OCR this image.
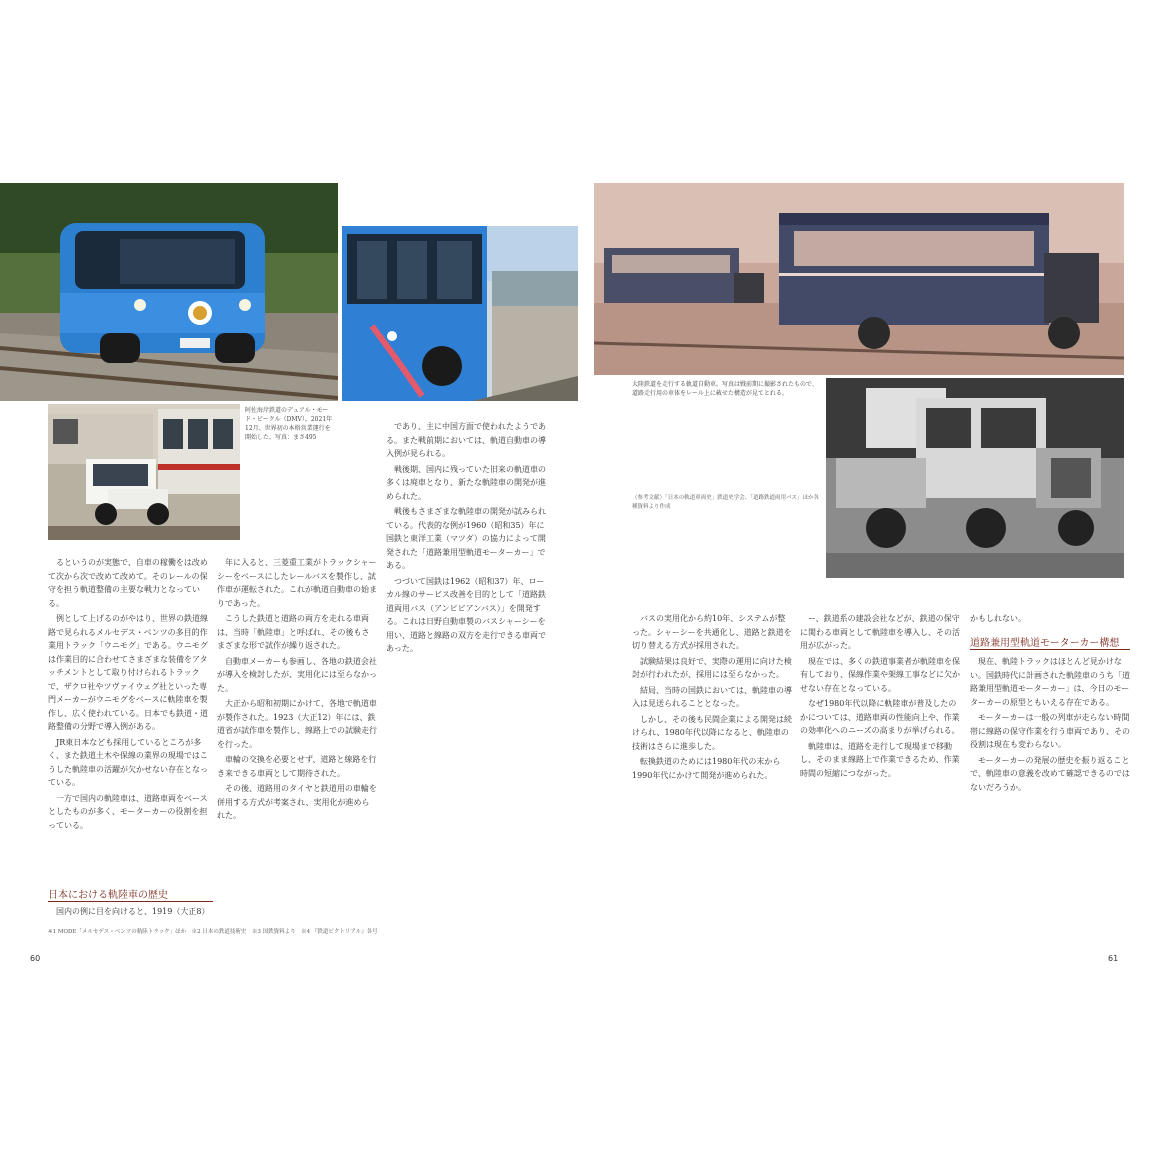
阿佐海岸鉄道のデュアル・モード・ビークル（DMV）。2021年12月、世界初の本格営業運行を開始した。写真：まさ495

るというのが実態で、自車の稼働をは改めて次から次で改めて改めて。そのレールの保守を担う軌道整備の主要な戦力となっている。

例として上げるのがやはり、世界の鉄道線路で見られるメルセデス・ベンツの多目的作業用トラック「ウニモグ」である。ウニモグは作業目的に合わせてさまざまな装備をアタッチメントとして取り付けられるトラックで、ザクロ社やツヴァイウェグ社といった専門メーカーがウニモグをベースに軌陸車を製作し、広く使われている。日本でも鉄道・道路整備の分野で導入例がある。

JR東日本なども採用しているところが多く、また鉄道土木や保線の業界の現場ではこうした軌陸車の活躍が欠かせない存在となっている。

一方で国内の軌陸車は、道路車両をベースとしたものが多く、モーターカーの役割を担っている。

日本における軌陸車の歴史

国内の例に目を向けると、1919（大正8）

年に入ると、三菱重工業がトラックシャーシーをベースにしたレールバスを製作し、試作車が運転された。これが軌道自動車の始まりであった。

こうした鉄道と道路の両方を走れる車両は、当時「軌陸車」と呼ばれ、その後もさまざまな形で試作が繰り返された。

自動車メーカーも参画し、各地の鉄道会社が導入を検討したが、実用化には至らなかった。

大正から昭和初期にかけて、各地で軌道車が製作された。1923（大正12）年には、鉄道省が試作車を製作し、線路上での試験走行を行った。

車輪の交換を必要とせず、道路と線路を行き来できる車両として期待された。

その後、道路用のタイヤと鉄道用の車輪を併用する方式が考案され、実用化が進められた。

であり、主に中国方面で使われたようである。また戦前期においては、軌道自動車の導入例が見られる。

戦後期、国内に残っていた旧来の軌道車の多くは廃車となり、新たな軌陸車の開発が進められた。

戦後もさまざまな軌陸車の開発が試みられている。代表的な例が1960（昭和35）年に国鉄と東洋工業（マツダ）の協力によって開発された「道路兼用型軌道モーターカー」である。

つづいて国鉄は1962（昭和37）年、ローカル線のサービス改善を目的として「道路鉄道両用バス（アンピビアンバス）」を開発する。これは日野自動車製のバスシャーシーを用い、道路と線路の双方を走行できる車両であった。

※1 MODE「メルセデス・ベンツの軌陸トラック」ほか　※2 日本の鉄道技術史　※3 国鉄資料より　※4 『鉄道ピクトリアル』各号
60
大陸鉄道を走行する軌道自動車。写真は戦前期に撮影されたもので、道路走行用の車体をレール上に載せた構造が見てとれる。
（参考文献）「日本の軌道車両史」鉄道史学会、「道路鉄道両用バス」ほか各種資料より作成

バスの実用化から約10年、システムが整った。シャーシーを共通化し、道路と鉄道を切り替える方式が採用された。

試験結果は良好で、実際の運用に向けた検討が行われたが、採用には至らなかった。

結局、当時の国鉄においては、軌陸車の導入は見送られることとなった。

しかし、その後も民間企業による開発は続けられ、1980年代以降になると、軌陸車の技術はさらに進歩した。

転換鉄道のためには1980年代の末から1990年代にかけて開発が進められた。

ー、鉄道系の建設会社などが、鉄道の保守に関わる車両として軌陸車を導入し、その活用が広がった。

現在では、多くの鉄道事業者が軌陸車を保有しており、保線作業や架線工事などに欠かせない存在となっている。

なぜ1980年代以降に軌陸車が普及したのかについては、道路車両の性能向上や、作業の効率化へのニーズの高まりが挙げられる。

軌陸車は、道路を走行して現場まで移動し、そのまま線路上で作業できるため、作業時間の短縮につながった。

かもしれない。

道路兼用型軌道モーターカー構想

現在、軌陸トラックはほとんど見かけない。国鉄時代に計画された軌陸車のうち「道路兼用型軌道モーターカー」は、今日のモーターカーの原型ともいえる存在である。

モーターカーは一般の列車が走らない時間帯に線路の保守作業を行う車両であり、その役割は現在も変わらない。

モーターカーの発展の歴史を振り返ることで、軌陸車の意義を改めて確認できるのではないだろうか。

61
